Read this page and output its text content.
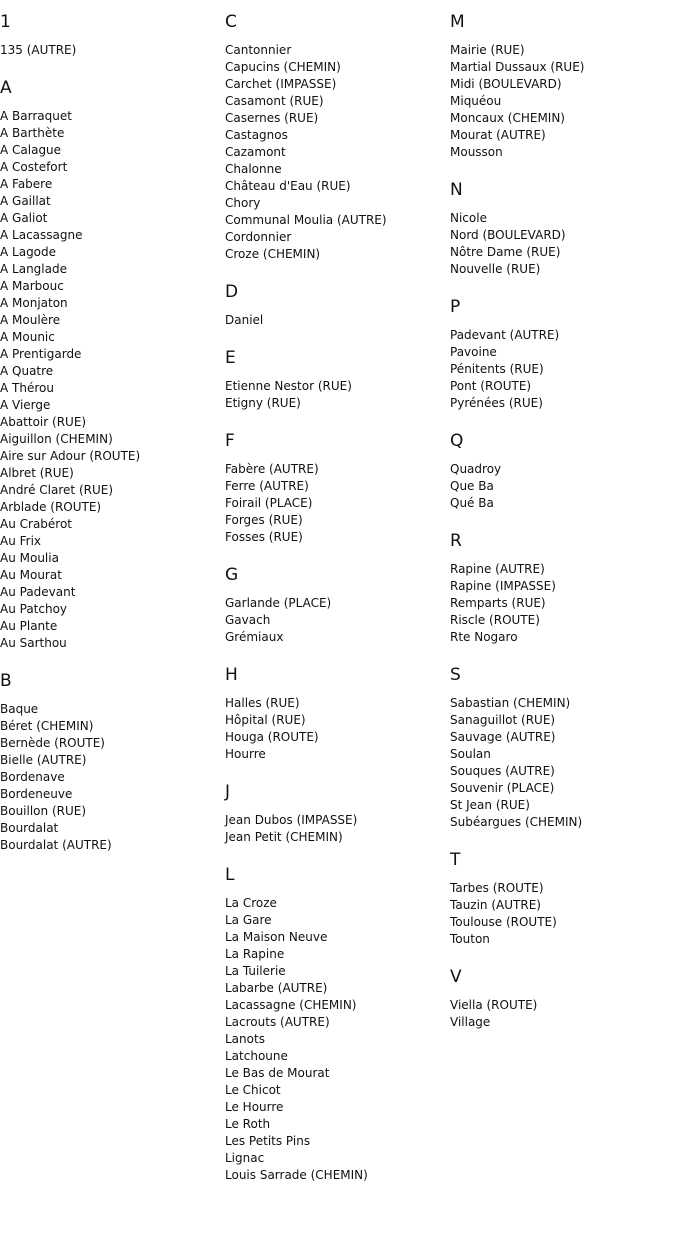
1
135 (AUTRE)
A
A Barraquet
A Barthète
A Calague
A Costefort
A Fabere
A Gaillat
A Galiot
A Lacassagne
A Lagode
A Langlade
A Marbouc
A Monjaton
A Moulère
A Mounic
A Prentigarde
A Quatre
A Thérou
A Vierge
Abattoir (RUE)
Aiguillon (CHEMIN)
Aire sur Adour (ROUTE)
Albret (RUE)
André Claret (RUE)
Arblade (ROUTE)
Au Crabérot
Au Frix
Au Moulia
Au Mourat
Au Padevant
Au Patchoy
Au Plante
Au Sarthou
B
Baque
Béret (CHEMIN)
Bernède (ROUTE)
Bielle (AUTRE)
Bordenave
Bordeneuve
Bouillon (RUE)
Bourdalat
Bourdalat (AUTRE)
C
Cantonnier
Capucins (CHEMIN)
Carchet (IMPASSE)
Casamont (RUE)
Casernes (RUE)
Castagnos
Cazamont
Chalonne
Château d'Eau (RUE)
Chory
Communal Moulia (AUTRE)
Cordonnier
Croze (CHEMIN)
D
Daniel
E
Etienne Nestor (RUE)
Etigny (RUE)
F
Fabère (AUTRE)
Ferre (AUTRE)
Foirail (PLACE)
Forges (RUE)
Fosses (RUE)
G
Garlande (PLACE)
Gavach
Grémiaux
H
Halles (RUE)
Hôpital (RUE)
Houga (ROUTE)
Hourre
J
Jean Dubos (IMPASSE)
Jean Petit (CHEMIN)
L
La Croze
La Gare
La Maison Neuve
La Rapine
La Tuilerie
Labarbe (AUTRE)
Lacassagne (CHEMIN)
Lacrouts (AUTRE)
Lanots
Latchoune
Le Bas de Mourat
Le Chicot
Le Hourre
Le Roth
Les Petits Pins
Lignac
Louis Sarrade (CHEMIN)
M
Mairie (RUE)
Martial Dussaux (RUE)
Midi (BOULEVARD)
Miquéou
Moncaux (CHEMIN)
Mourat (AUTRE)
Mousson
N
Nicole
Nord (BOULEVARD)
Nôtre Dame (RUE)
Nouvelle (RUE)
P
Padevant (AUTRE)
Pavoine
Pénitents (RUE)
Pont (ROUTE)
Pyrénées (RUE)
Q
Quadroy
Que Ba
Qué Ba
R
Rapine (AUTRE)
Rapine (IMPASSE)
Remparts (RUE)
Riscle (ROUTE)
Rte Nogaro
S
Sabastian (CHEMIN)
Sanaguillot (RUE)
Sauvage (AUTRE)
Soulan
Souques (AUTRE)
Souvenir (PLACE)
St Jean (RUE)
Subéargues (CHEMIN)
T
Tarbes (ROUTE)
Tauzin (AUTRE)
Toulouse (ROUTE)
Touton
V
Viella (ROUTE)
Village
